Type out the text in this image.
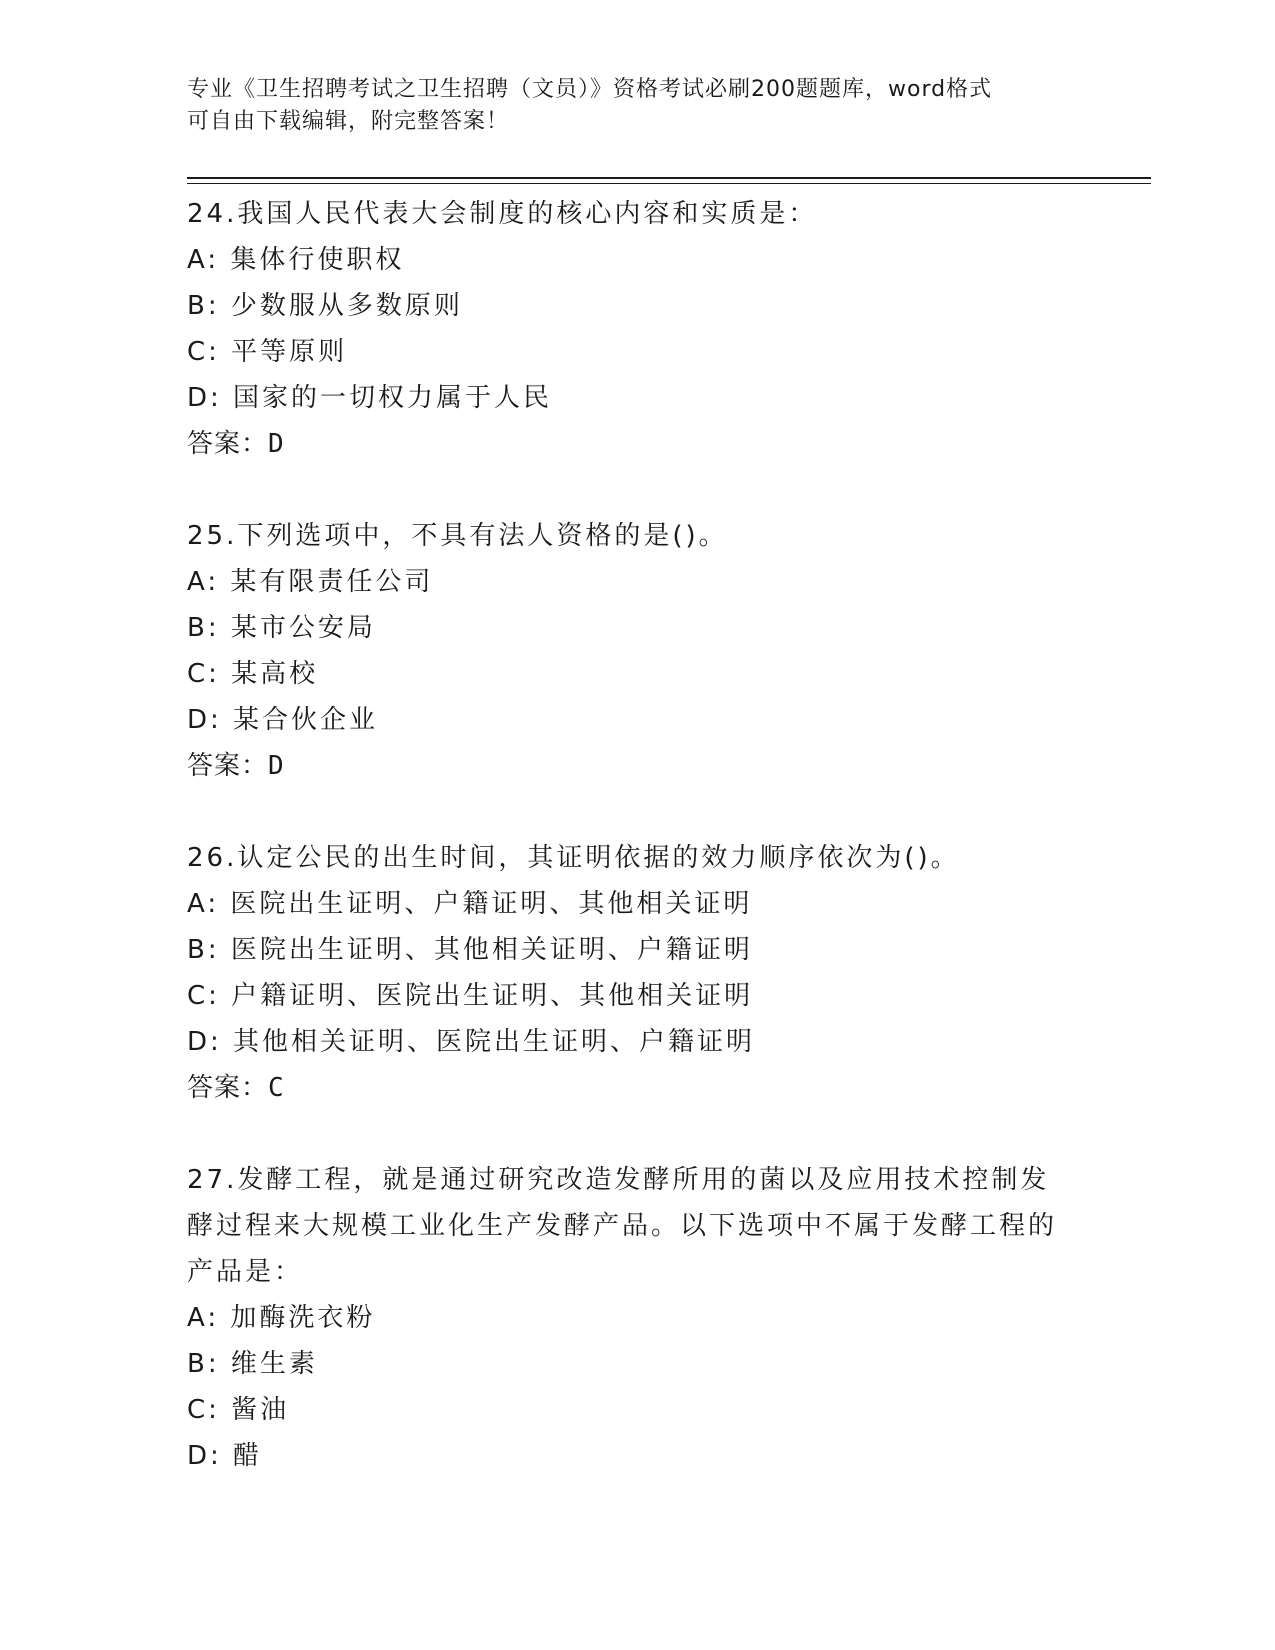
专业《卫生招聘考试之卫生招聘（文员）》资格考试必刷200题题库，word格式
可自由下载编辑，附完整答案！
24.我国人民代表大会制度的核心内容和实质是：
A: 集体行使职权
B: 少数服从多数原则
C: 平等原则
D: 国家的一切权力属于人民
答案：D
25.下列选项中，不具有法人资格的是()。
A: 某有限责任公司
B: 某市公安局
C: 某高校
D: 某合伙企业
答案：D
26.认定公民的出生时间，其证明依据的效力顺序依次为()。
A: 医院出生证明、户籍证明、其他相关证明
B: 医院出生证明、其他相关证明、户籍证明
C: 户籍证明、医院出生证明、其他相关证明
D: 其他相关证明、医院出生证明、户籍证明
答案：C
27.发酵工程，就是通过研究改造发酵所用的菌以及应用技术控制发酵过程来大规模工业化生产发酵产品。以下选项中不属于发酵工程的产品是：
A: 加酶洗衣粉
B: 维生素
C: 酱油
D: 醋
